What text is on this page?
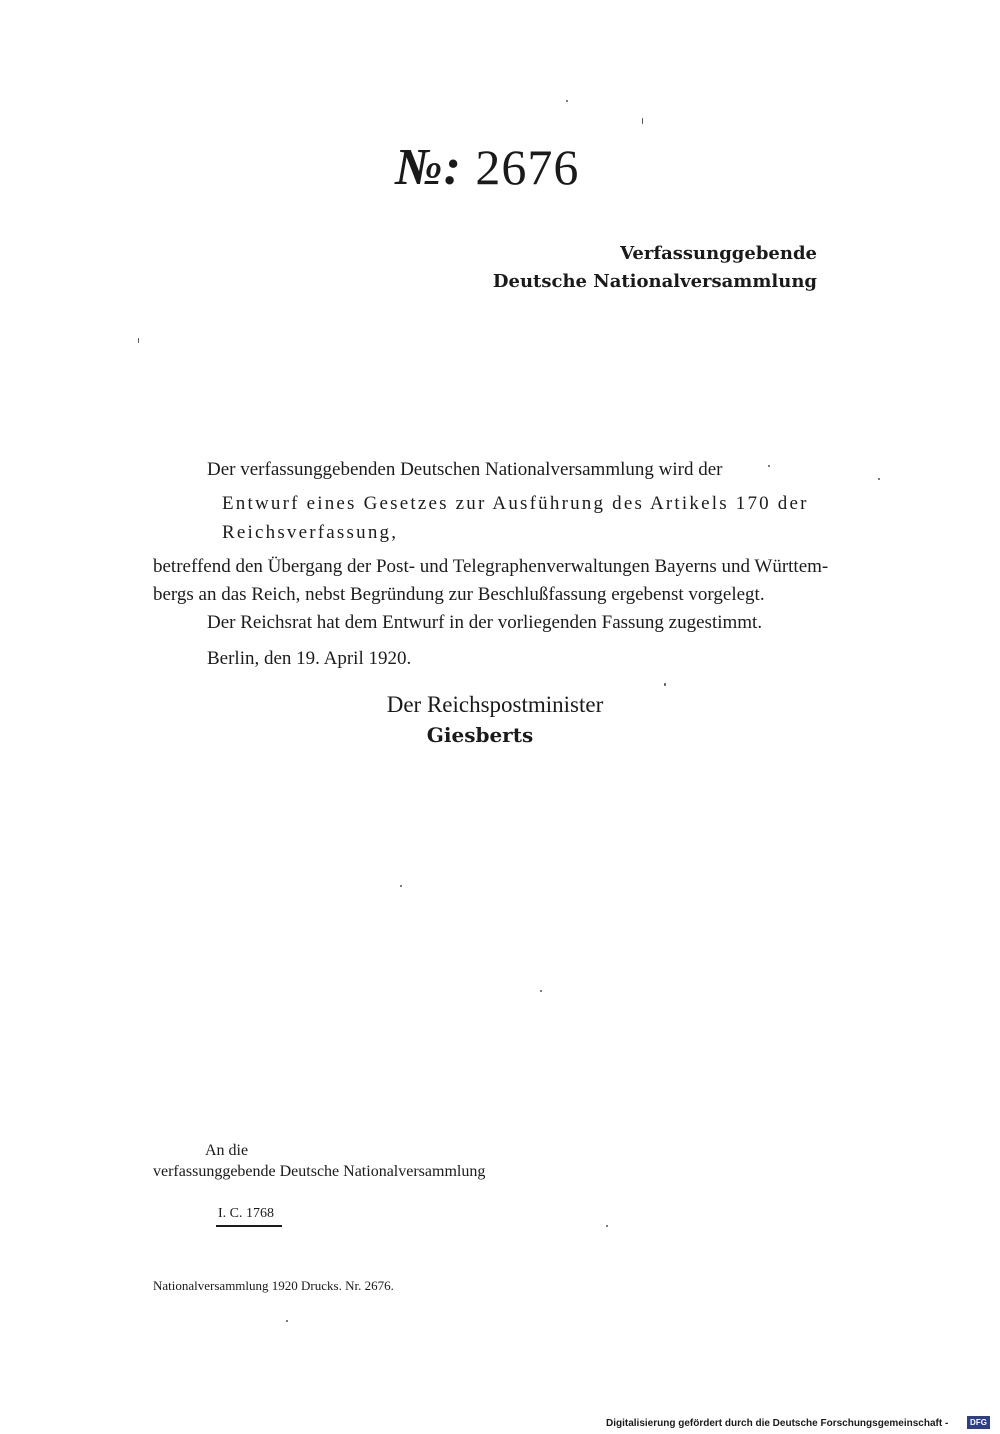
№: 2676
Verfassunggebende
Deutsche Nationalversammlung
Der verfassunggebenden Deutschen Nationalversammlung wird der
Entwurf eines Gesetzes zur Ausführung des Artikels 170 der
Reichsverfassung,
betreffend den Übergang der Post- und Telegraphenverwaltungen Bayerns und Württem-
bergs an das Reich, nebst Begründung zur Beschlußfassung ergebenst vorgelegt.
Der Reichsrat hat dem Entwurf in der vorliegenden Fassung zugestimmt.
Berlin, den 19. April 1920.
Der Reichspostminister
Giesberts
An die
verfassunggebende Deutsche Nationalversammlung
I. C. 1768
Nationalversammlung 1920 Drucks. Nr. 2676.
Digitalisierung gefördert durch die Deutsche Forschungsgemeinschaft -	DFG
